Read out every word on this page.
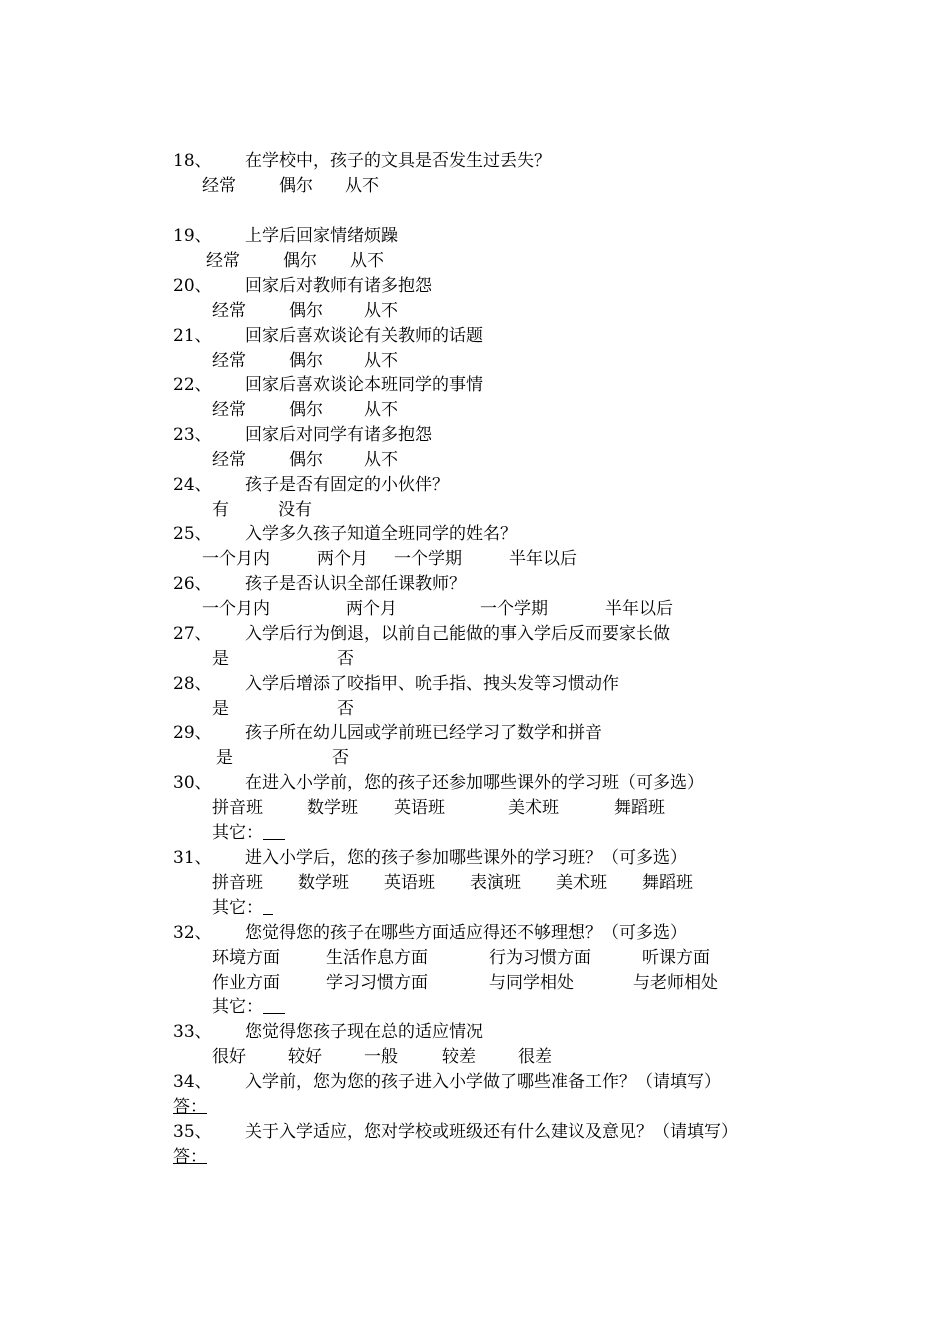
18、 在学校中，孩子的文具是否发生过丢失？
经常	偶尔 从不
19、 上学后回家情绪烦躁
经常	偶尔 从不
20、 回家后对教师有诸多抱怨
经常	偶尔 从不
21、 回家后喜欢谈论有关教师的话题
经常	偶尔 从不
22、 回家后喜欢谈论本班同学的事情
经常	偶尔 从不
23、 回家后对同学有诸多抱怨
经常	偶尔 从不
24、 孩子是否有固定的小伙伴？
有	没有
25、 入学多久孩子知道全班同学的姓名？
一个月内	两个月 一个学期	半年以后
26、 孩子是否认识全部任课教师？
一个月内	两个月	一个学期	半年以后
27、 入学后行为倒退，以前自己能做的事入学后反而要家长做
是	否
28、 入学后增添了咬指甲、吮手指、拽头发等习惯动作
是	否
29、 孩子所在幼儿园或学前班已经学习了数学和拼音
是	否
30、 在进入小学前，您的孩子还参加哪些课外的学习班（可多选）
拼音班	数学班 英语班	美术班	舞蹈班
其它：
31、 进入小学后，您的孩子参加哪些课外的学习班？（可多选）
拼音班 数学班 英语班 表演班 美术班 舞蹈班
其它：
32、 您觉得您的孩子在哪些方面适应得还不够理想？（可多选）
环境方面	生活作息方面	行为习惯方面	听课方面
作业方面	学习习惯方面	与同学相处	与老师相处
其它：
33、 您觉得您孩子现在总的适应情况
很好 较好 一般	较差 很差
34、 入学前，您为您的孩子进入小学做了哪些准备工作？（请填写）
答：
35、 关于入学适应，您对学校或班级还有什么建议及意见？（请填写）
答：
